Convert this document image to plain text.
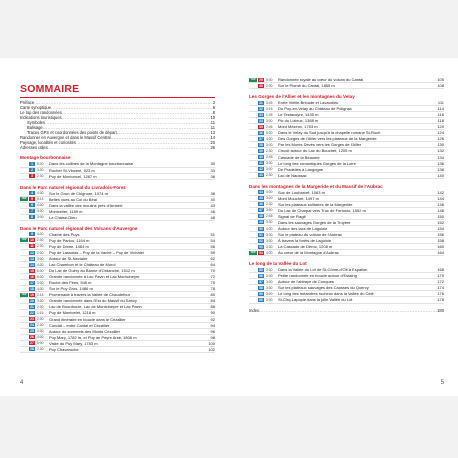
SOMMAIRE
Préface .....	3
Carte synoptique .....	6
Le top des randonnées .....	8
Indications touristiques .....	10
Symboles .....	11
Balisage .....	11
Traces GPS et coordonnées des points de départ .....	13
Randonner en Auvergne et dans le Massif Central .....	14
Paysage, localités et curiosités .....	20
Adresses utiles .....	26
Montage bourbonnaise
1	5:00	Dans les collines de la Montagne bourbonnaise	30
2	3:30	Rocher St-Vincent, 923 m	33
3	2:30	Puy de Montoncel, 1287 m	36
Dans le Parc naturel régional du Livradois-Forez
4	4:30	Sur le Grun de Chignore, 1074 m	38
TOP	5	5:15	Belles vues au Col du Béal	40
6	4:00	Dans la vallée des moulins près d'Ambert	43
7	3:00	Montcelier, 1159 m	46
8	3:00	La Chaise-Dieu	48
Dans le Parc naturel régional des Volcans d'Auvergne
9	4:00	Chaîne des Puys	51
TOP	10 2:30	Puy de Pariou, 1164 m	54
11 2:30	Puy de Dôme, 1464 m	56
12 2:00	Puy de Lassolas – Puy de la Vache – Puy de Vichatel	59
13 3:00	Autour de St-Nectaire	62
14 4:30	Lac Chambon et le Château de Murol	64
15 5:00	Du Lac de Guéry au Banne d'Ordanche, 1512 m	70
16 5:00	Grande randonnée à Lac Pavin et Lac Montcineyre	72
17 3:30	Roche des Fées, 945 m	75
18 4:30	Sur le Puy Gros, 1486 m	78
TOP	19 2:15	Promenade à travers la Vallée de Chaudefour	80
20 3:30	Grande randonnée dans l'Est du Massif du Sancy	84
21 2:30	Lac de Bourdouze, Lac de Montcineyre et Lac Pavin	88
22 1:15	Puy de Montcelet, 1218 m	90
23 2:30	Grand itinéraire en boucle dans le Cézallier	92
24 2:30	Condat – entre Cantal et Cézallier	94
25 3:30	Autour du sommets des Monts Cézallier	96
26 4:00	Puy Mary, 1782 m, et Puy de Peyre Arse, 1806 m	98
27 5:00	Visite du Puy Mary, 1783 m	100
28 2:30	Puy Chavaroche	102
4
TOP	29 5:00	Randonnée royale au cœur du volcan du Cantal	105
30 2:30	Sur le Plomb du Cantal, 1855 m	108
Les Gorges de l'Allier et les montagnes du Velay
31 3:45	Entre Vieille-Brioude et Lavaudieu	111
32 3:15	Du Puy-en-Velay au Château de Polignac	114
33 1:45	Le Testavoyre, 1435 m	116
34 3:00	Pic du Lizieux, 1388 m	118
35 2:45	Mont Mézenc, 1753 m	120
36 5:00	Dans le Velay du Sud jusqu'à la chapelle romane St-Roch	124
37 4:00	Des Gorges de l'Allier vers les plateaux de la Margeride	126
38 3:00	Par les Monts Devès vers les Gorges de l'Allier	130
39 2:30	Circuit autour du Lac du Bouchet, 1205 m	132
40 2:45	Cascade de la Beaume	134
41 3:00	Le long des romantiques Gorges de la Loire	136
42 3:00	De Pradelles à Langogne	138
43 2:30	Lac de Naussac	140
Dans les montagnes de la Margeride et du Massif de l'Aubrac
44 4:00	Suc de Loubarcet, 1063 m	142
45 3:00	Mont Mouchet, 1497 m	144
46 2:30	Sur les plateaux solitaires de la Margeride	146
47 3:00	Du Lac de Charpal vers Truc de Fortunio, 1552 m	148
48 2:45	Signal de Flagit	150
49 3:30	Dans les sauvages Gorges de la Truyère	152
50 4:00	Autour des lacs de Laguiole	154
51 3:00	Sur le plateau du volcan de l'Aubrac	156
52 3:00	À travers la forêts de Laguiole	158
53 3:30	La Cascade de Déroc, 1208 m	160
TOP	54 4:00	Au cœur de la Montagne d'Aubrac	164
Le long de la Vallée du Lot
55 3:30	Dans la Vallée du Lot de St-Côme-d'Olt à Espalion	168
56 3:00	Petite randonnée en boucle autour d'Estaing	170
57 3:00	Autour de l'abbaye de Conques	172
58 3:30	Sur les plateaux sauvages des Causses du Quercy	174
59 3:00	Le long des méandres rocheux dans la Vallée du Célé	176
60 3:00	St-Cirq-Lapopie dans la jolie Vallée du Lot	178
Index .....	180
5
